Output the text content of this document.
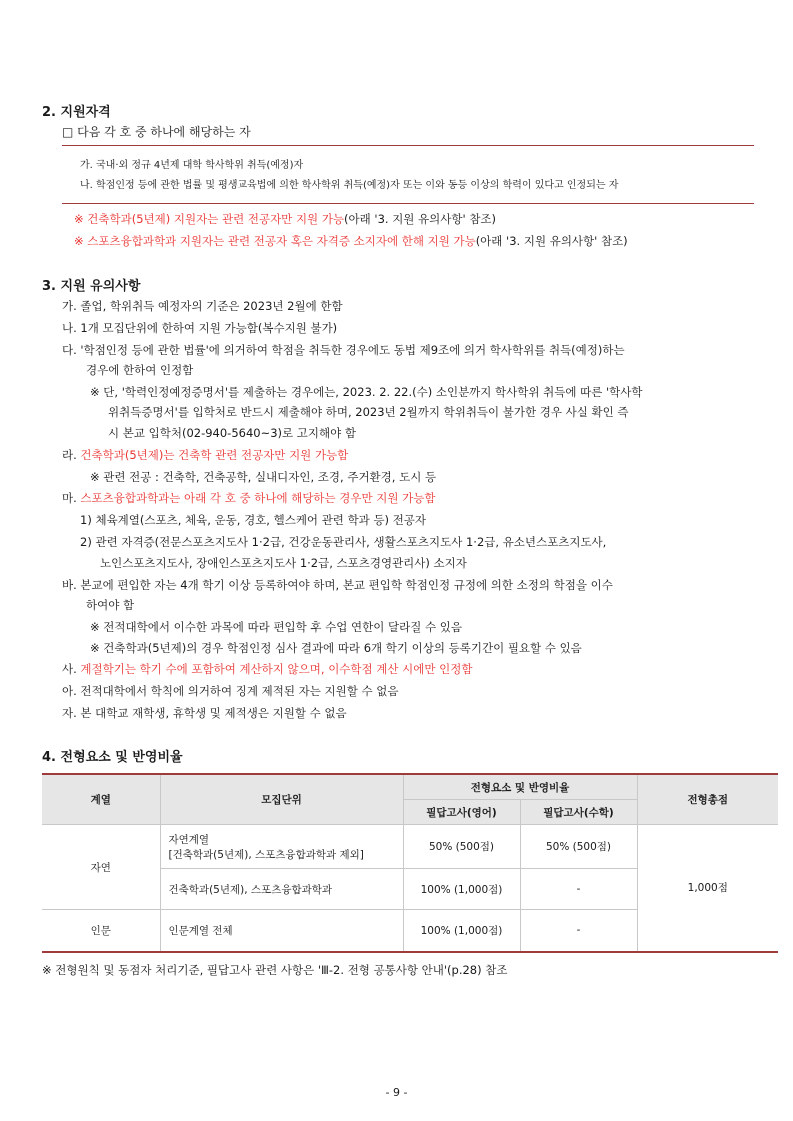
2. 지원자격
□ 다음 각 호 중 하나에 해당하는 자
가. 국내·외 정규 4년제 대학 학사학위 취득(예정)자
나. 학점인정 등에 관한 법률 및 평생교육법에 의한 학사학위 취득(예정)자 또는 이와 동등 이상의 학력이 있다고 인정되는 자
※ 건축학과(5년제) 지원자는 관련 전공자만 지원 가능(아래 '3. 지원 유의사항' 참조)
※ 스포츠융합과학과 지원자는 관련 전공자 혹은 자격증 소지자에 한해 지원 가능(아래 '3. 지원 유의사항' 참조)
3. 지원 유의사항
가. 졸업, 학위취득 예정자의 기준은 2023년 2월에 한함
나. 1개 모집단위에 한하여 지원 가능함(복수지원 불가)
다. '학점인정 등에 관한 법률'에 의거하여 학점을 취득한 경우에도 동법 제9조에 의거 학사학위를 취득(예정)하는
경우에 한하여 인정함
※ 단, '학력인정예정증명서'를 제출하는 경우에는, 2023. 2. 22.(수) 소인분까지 학사학위 취득에 따른 '학사학
위취득증명서'를 입학처로 반드시 제출해야 하며, 2023년 2월까지 학위취득이 불가한 경우 사실 확인 즉
시 본교 입학처(02-940-5640~3)로 고지해야 함
라. 건축학과(5년제)는 건축학 관련 전공자만 지원 가능함
※ 관련 전공 : 건축학, 건축공학, 실내디자인, 조경, 주거환경, 도시 등
마. 스포츠융합과학과는 아래 각 호 중 하나에 해당하는 경우만 지원 가능함
1) 체육계열(스포츠, 체육, 운동, 경호, 헬스케어 관련 학과 등) 전공자
2) 관련 자격증(전문스포츠지도사 1·2급, 건강운동관리사, 생활스포츠지도사 1·2급, 유소년스포츠지도사,
노인스포츠지도사, 장애인스포츠지도사 1·2급, 스포츠경영관리사) 소지자
바. 본교에 편입한 자는 4개 학기 이상 등록하여야 하며, 본교 편입학 학점인정 규정에 의한 소정의 학점을 이수
하여야 함
※ 전적대학에서 이수한 과목에 따라 편입학 후 수업 연한이 달라질 수 있음
※ 건축학과(5년제)의 경우 학점인정 심사 결과에 따라 6개 학기 이상의 등록기간이 필요할 수 있음
사. 계절학기는 학기 수에 포함하여 계산하지 않으며, 이수학점 계산 시에만 인정함
아. 전적대학에서 학칙에 의거하여 징계 제적된 자는 지원할 수 없음
자. 본 대학교 재학생, 휴학생 및 제적생은 지원할 수 없음
4. 전형요소 및 반영비율
계열	모집단위	전형요소 및 반영비율		전형총점
		필답고사(영어)	필답고사(수학)	
자연	자연계열
[건축학과(5년제), 스포츠융합과학과 제외]	50% (500점)	50% (500점)	1,000점
	건축학과(5년제), 스포츠융합과학과	100% (1,000점)	-	
인문	인문계열 전체	100% (1,000점)	-	
※ 전형원칙 및 동점자 처리기준, 필답고사 관련 사항은 'Ⅲ-2. 전형 공통사항 안내'(p.28) 참조
- 9 -
